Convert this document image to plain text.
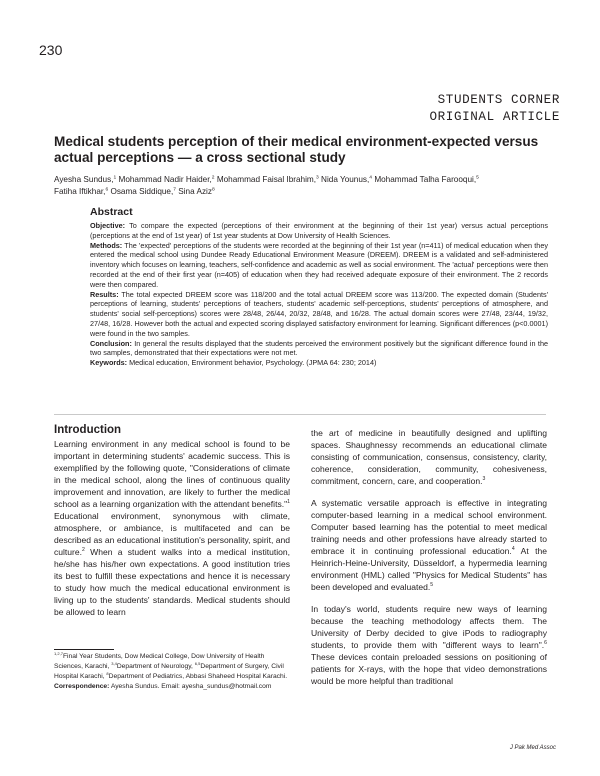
230
STUDENTS CORNER
ORIGINAL ARTICLE
Medical students perception of their medical environment-expected versus actual perceptions — a cross sectional study
Ayesha Sundus,$^1$ Mohammad Nadir Haider,$^2$ Mohammad Faisal Ibrahim,$^3$ Nida Younus,$^4$ Mohammad Talha Farooqui,$^5$
Fatiha Iftikhar,$^6$ Osama Siddique,$^7$ Sina Aziz$^8$
Abstract

Objective: To compare the expected (perceptions of their environment at the beginning of their 1st year) versus actual perceptions (perceptions at the end of 1st year) of 1st year students at Dow University of Health Sciences.

Methods: The 'expected' perceptions of the students were recorded at the beginning of their 1st year (n=411) of medical education when they entered the medical school using Dundee Ready Educational Environment Measure (DREEM). DREEM is a validated and self-administered inventory which focuses on learning, teachers, self-confidence and academic as well as social environment. The 'actual' perceptions were then recorded at the end of their first year (n=405) of education when they had received adequate exposure of their environment. The 2 records were then compared.

Results: The total expected DREEM score was 118/200 and the total actual DREEM score was 113/200. The expected domain (Students' perceptions of learning, students' perceptions of teachers, students' academic self-perceptions, students' perceptions of atmosphere, and students' social self-perceptions) scores were 28/48, 26/44, 20/32, 28/48, and 16/28. The actual domain scores were 27/48, 23/44, 19/32, 27/48, 16/28. However both the actual and expected scoring displayed satisfactory environment for learning. Significant differences (p<0.0001) were found in the two samples.

Conclusion: In general the results displayed that the students perceived the environment positively but the significant difference found in the two samples, demonstrated that their expectations were not met.

Keywords: Medical education, Environment behavior, Psychology. (JPMA 64: 230; 2014)

Introduction

Learning environment in any medical school is found to be important in determining students' academic success. This is exemplified by the following quote, "Considerations of climate in the medical school, along the lines of continuous quality improvement and innovation, are likely to further the medical school as a learning organization with the attendant benefits."$^1$ Educational environment, synonymous with climate, atmosphere, or ambiance, is multifaceted and can be described as an educational institution's personality, spirit, and culture.$^2$ When a student walks into a medical institution, he/she has his/her own expectations. A good institution tries its best to fulfill these expectations and hence it is necessary to study how much the medical educational environment is living up to the students' standards. Medical students should be allowed to learn

the art of medicine in beautifully designed and uplifting spaces. Shaughnessy recommends an educational climate consisting of communication, consensus, consistency, clarity, coherence, consideration, community, cohesiveness, commitment, concern, care, and cooperation.$^3$

A systematic versatile approach is effective in integrating computer-based learning in a medical school environment. Computer based learning has the potential to meet medical training needs and other professions have already started to embrace it in continuing professional education.$^4$ At the Heinrich-Heine-University, Düsseldorf, a hypermedia learning environment (HML) called "Physics for Medical Students" has been developed and evaluated.$^5$

In today's world, students require new ways of learning because the teaching methodology affects them. The University of Derby decided to give iPods to radiography students, to provide them with "different ways to learn".$^6$ These devices contain preloaded sessions on positioning of patients for X-rays, with the hope that video demonstrations would be more helpful than traditional

$^{1,2,7}$Final Year Students, Dow Medical College, Dow University of Health Sciences, Karachi, $^{3,4}$Department of Neurology, $^{6,5}$Department of Surgery, Civil Hospital Karachi, $^8$Department of Pediatrics, Abbasi Shaheed Hospital Karachi.
Correspondence: Ayesha Sundus. Email: ayesha_sundus@hotmail.com
J Pak Med Assoc
